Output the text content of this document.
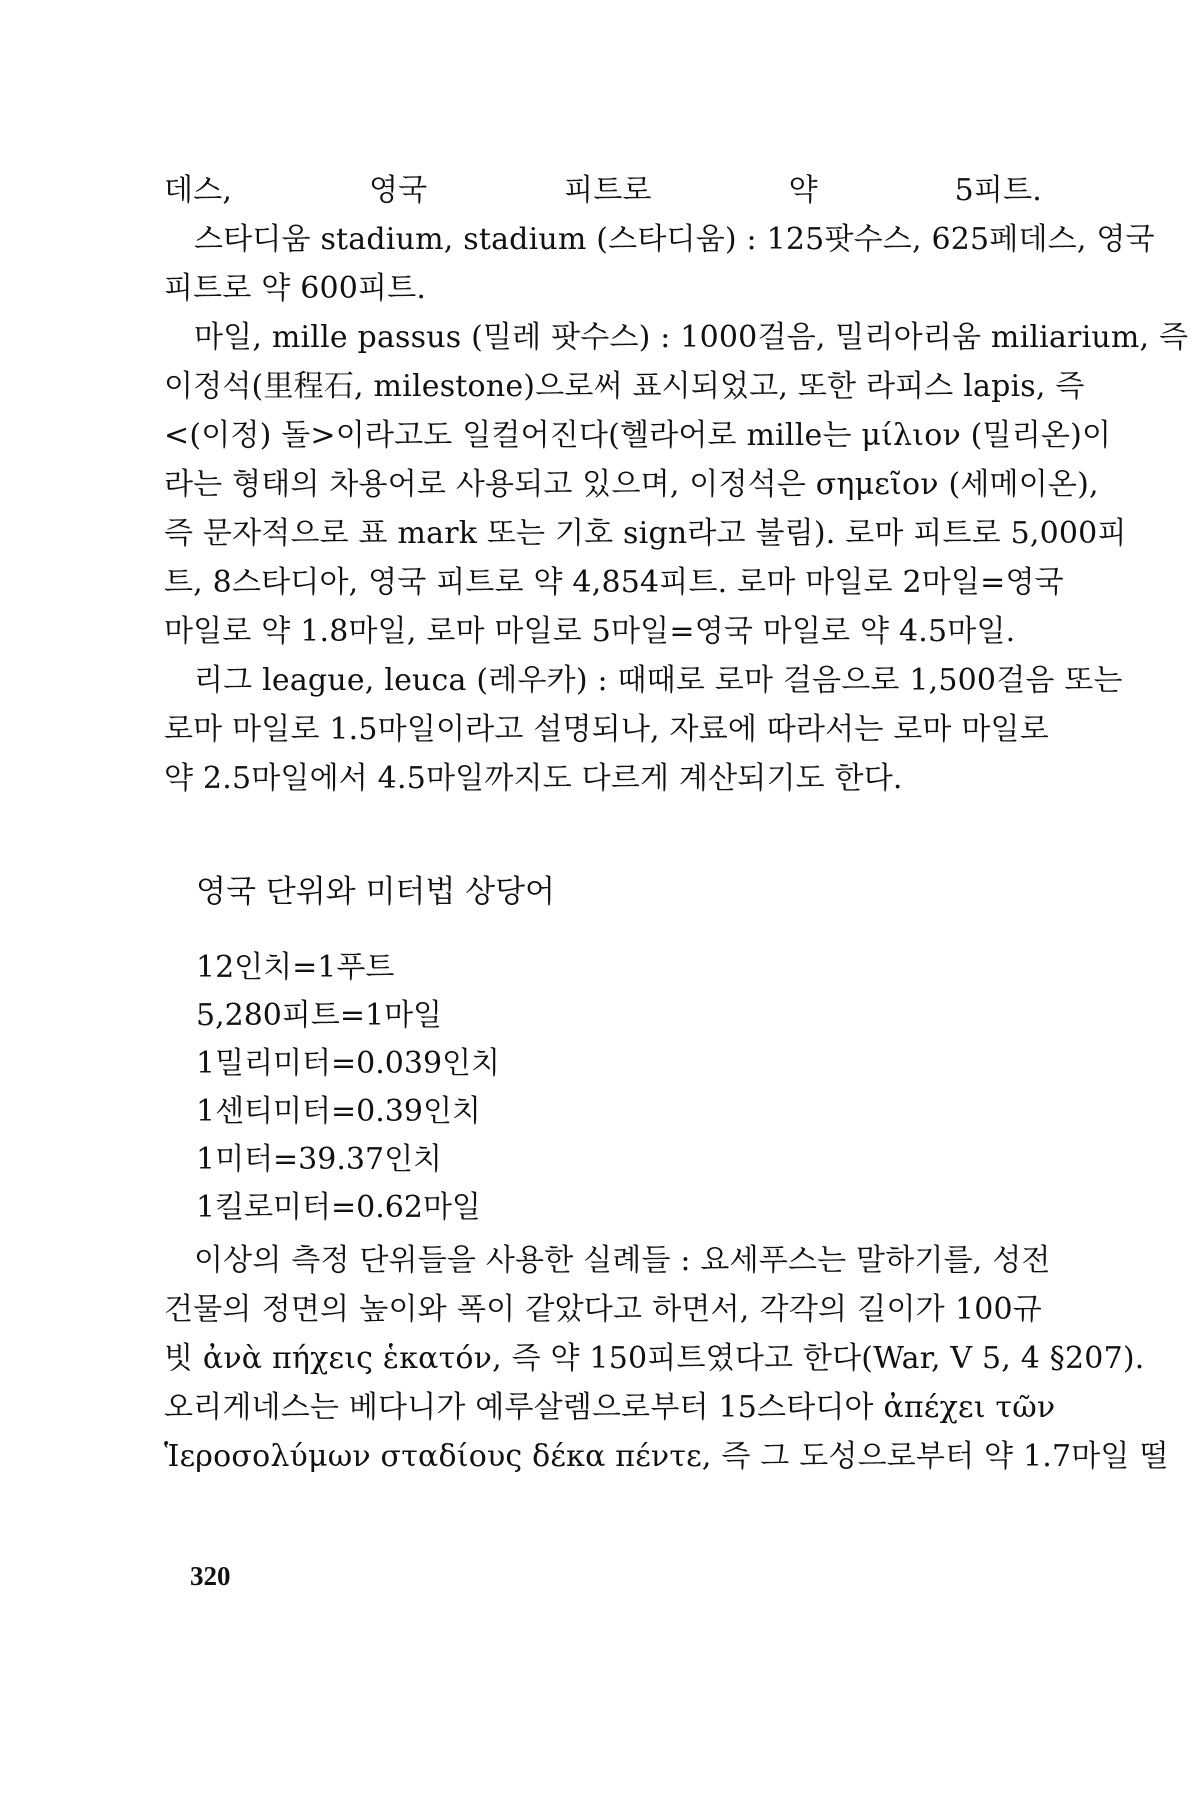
데스, 영국 피트로 약 5피트.
스타디움 stadium, stadium (스타디움) : 125팟수스, 625페데스, 영국
피트로 약 600피트.
마일, mille passus (밀레 팟수스) : 1000걸음, 밀리아리움 miliarium, 즉
이정석(里程石, milestone)으로써 표시되었고, 또한 라피스 lapis, 즉
<(이정) 돌>이라고도 일컬어진다(헬라어로 mille는 μίλιον (밀리온)이
라는 형태의 차용어로 사용되고 있으며, 이정석은 σημεῖον (세메이온),
즉 문자적으로 표 mark 또는 기호 sign라고 불림). 로마 피트로 5,000피
트, 8스타디아, 영국 피트로 약 4,854피트. 로마 마일로 2마일=영국
마일로 약 1.8마일, 로마 마일로 5마일=영국 마일로 약 4.5마일.
리그 league, leuca (레우카) : 때때로 로마 걸음으로 1,500걸음 또는
로마 마일로 1.5마일이라고 설명되나, 자료에 따라서는 로마 마일로
약 2.5마일에서 4.5마일까지도 다르게 계산되기도 한다.
영국 단위와 미터법 상당어
12인치=1푸트
5,280피트=1마일
1밀리미터=0.039인치
1센티미터=0.39인치
1미터=39.37인치
1킬로미터=0.62마일
이상의 측정 단위들을 사용한 실례들 : 요세푸스는 말하기를, 성전
건물의 정면의 높이와 폭이 같았다고 하면서, 각각의 길이가 100규
빗 ἀνὰ πήχεις ἑκατόν, 즉 약 150피트였다고 한다(War, V 5, 4 §207).
오리게네스는 베다니가 예루살렘으로부터 15스타디아 ἀπέχει τῶν
Ἱεροσολύμων σταδίους δέκα πέντε, 즉 그 도성으로부터 약 1.7마일 떨
320
